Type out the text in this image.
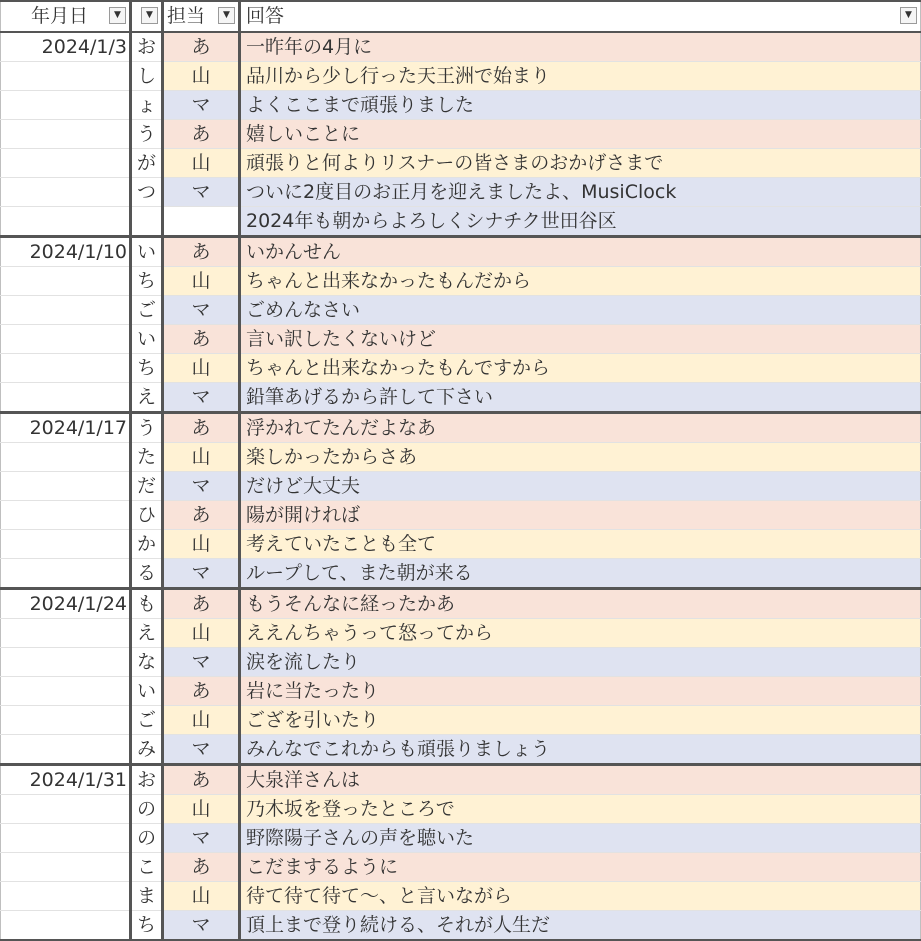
年月日 ▼	▼	担当 ▼	回答 ▼

2024/1/3	お	あ	一昨年の4月に
	し	山	品川から少し行った天王洲で始まり
	ょ	マ	よくここまで頑張りました
	う	あ	嬉しいことに
	が	山	頑張りと何よりリスナーの皆さまのおかげさまで
	つ	マ	ついに2度目のお正月を迎えましたよ、MusiClock
			2024年も朝からよろしくシナチク世田谷区
2024/1/10	い	あ	いかんせん
	ち	山	ちゃんと出来なかったもんだから
	ご	マ	ごめんなさい
	い	あ	言い訳したくないけど
	ち	山	ちゃんと出来なかったもんですから
	え	マ	鉛筆あげるから許して下さい
2024/1/17	う	あ	浮かれてたんだよなあ
	た	山	楽しかったからさあ
	だ	マ	だけど大丈夫
	ひ	あ	陽が開ければ
	か	山	考えていたことも全て
	る	マ	ループして、また朝が来る
2024/1/24	も	あ	もうそんなに経ったかあ
	え	山	ええんちゃうって怒ってから
	な	マ	涙を流したり
	い	あ	岩に当たったり
	ご	山	ござを引いたり
	み	マ	みんなでこれからも頑張りましょう
2024/1/31	お	あ	大泉洋さんは
	の	山	乃木坂を登ったところで
	の	マ	野際陽子さんの声を聴いた
	こ	あ	こだまするように
	ま	山	待て待て待て〜、と言いながら
	ち	マ	頂上まで登り続ける、それが人生だ
